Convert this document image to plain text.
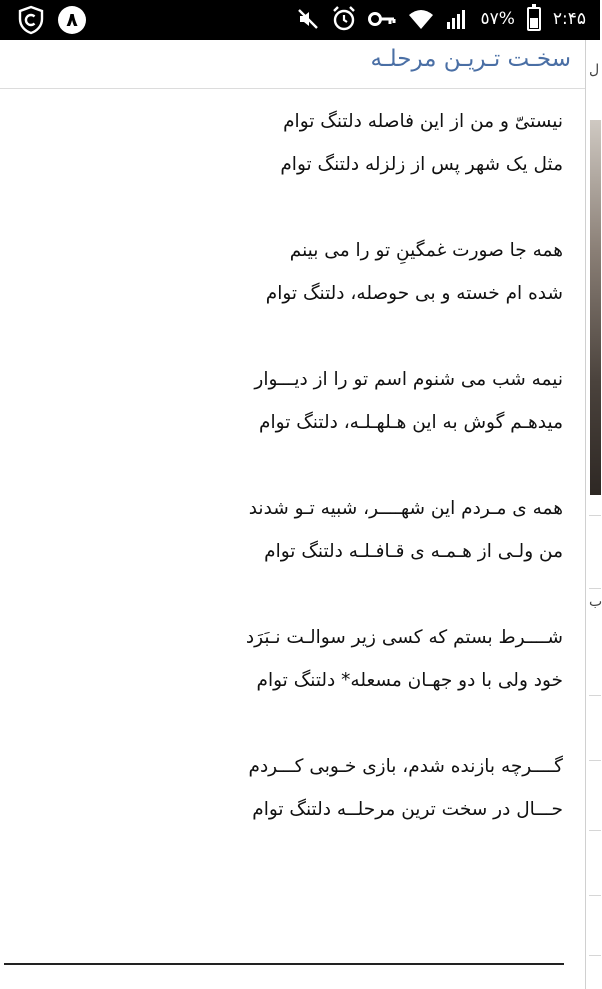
٨	٥٧% ٢:۴۵
سخـت تـریـن مرحلـه
نیستیّ و من از این فاصله دلتنگ توام
مثل یک شهر پس از زلزله دلتنگ توام
همه جا صورت غمگینِ تو را می بینم
شده ام خسته و بی حوصله، دلتنگ توام
نیمه شب می شنوم اسم تو را از دیـــوار
میدهـم گوش به این هـلهـلـه، دلتنگ توام
همه ی مـردم این شهــــر، شبیه تـو شدند
من ولـی از هـمـه ی قـافـلـه دلتنگ توام
شــــرط بستم که کسی زیر سوالـت نـبَرَد
خود ولی با دو جهـان مسعله* دلتنگ توام
گــــرچه بازنده شدم، بازی خـوبی کـــردم
حـــال در سخت ترین مرحلــه دلتنگ توام
ل
ب
